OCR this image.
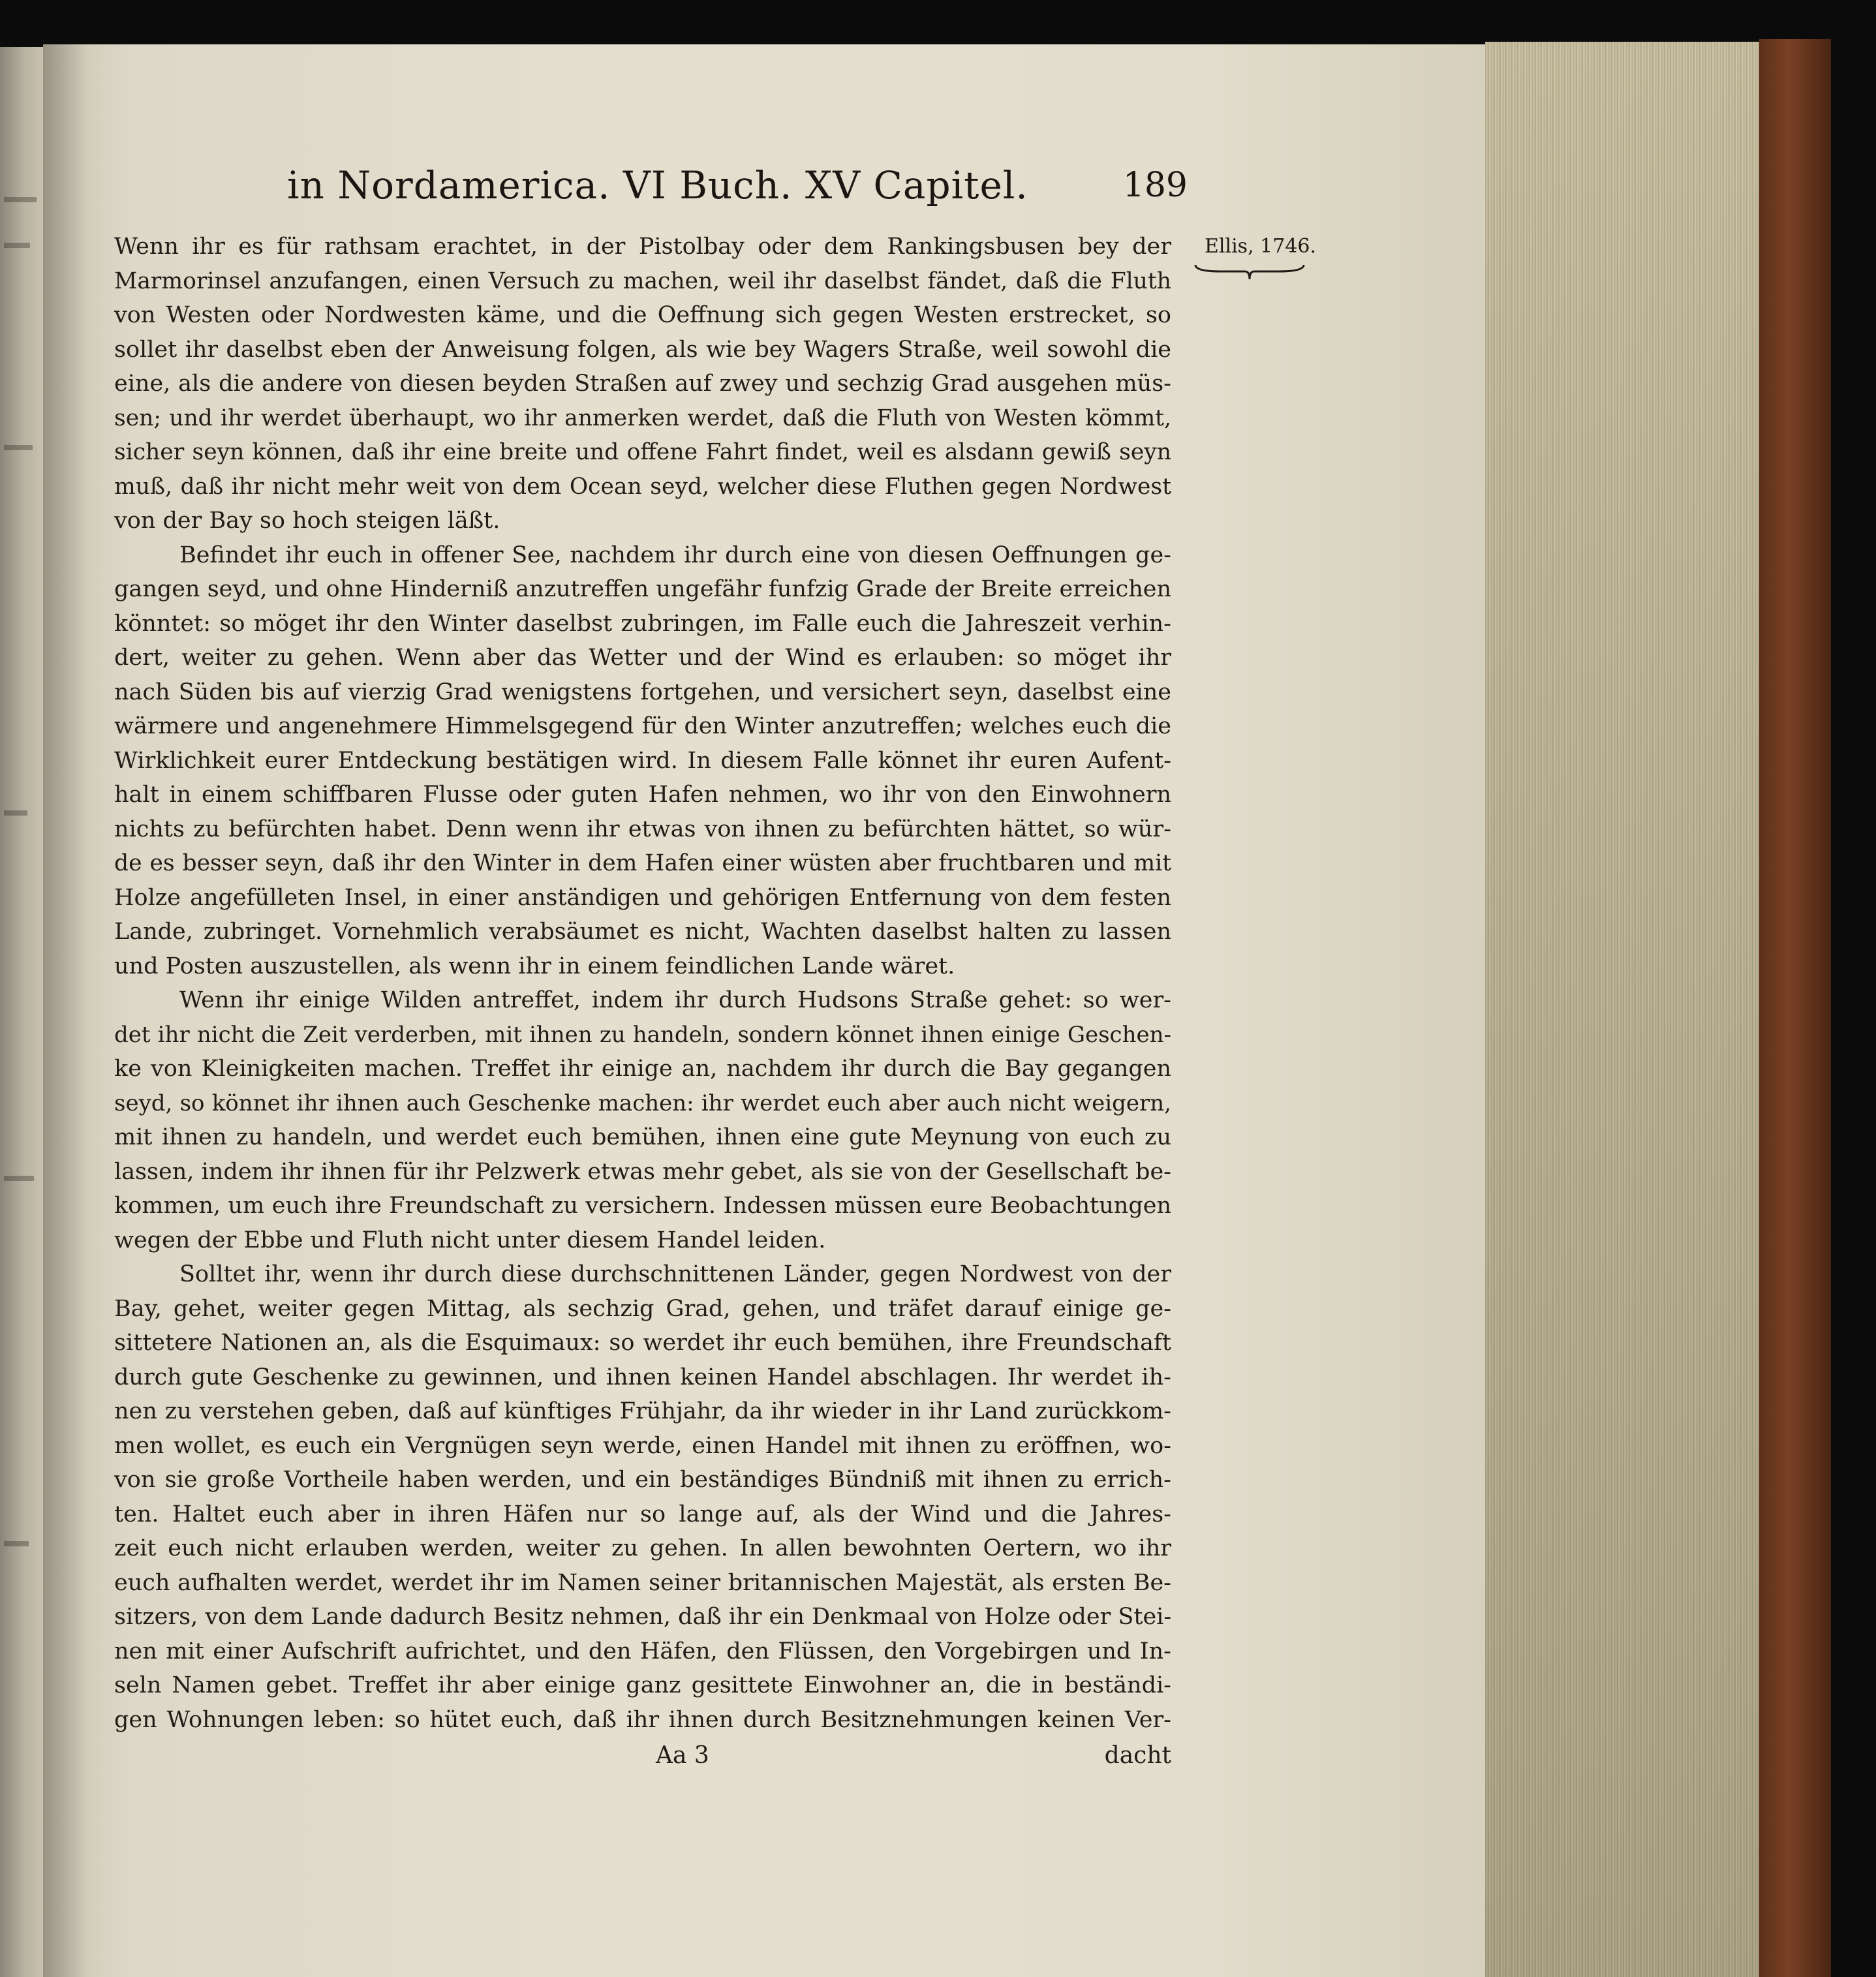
in Nordamerica. VI Buch. XV Capitel.	189
Ellis, 1746.
Wenn ihr es für rathsam erachtet, in der Pistolbay oder dem Rankingsbusen bey der
Marmorinsel anzufangen, einen Versuch zu machen, weil ihr daselbst fändet, daß die Fluth
von Westen oder Nordwesten käme, und die Oeffnung sich gegen Westen erstrecket, so
sollet ihr daselbst eben der Anweisung folgen, als wie bey Wagers Straße, weil sowohl die
eine, als die andere von diesen beyden Straßen auf zwey und sechzig Grad ausgehen müs-
sen; und ihr werdet überhaupt, wo ihr anmerken werdet, daß die Fluth von Westen kömmt,
sicher seyn können, daß ihr eine breite und offene Fahrt findet, weil es alsdann gewiß seyn
muß, daß ihr nicht mehr weit von dem Ocean seyd, welcher diese Fluthen gegen Nordwest
von der Bay so hoch steigen läßt.
Befindet ihr euch in offener See, nachdem ihr durch eine von diesen Oeffnungen ge-
gangen seyd, und ohne Hinderniß anzutreffen ungefähr funfzig Grade der Breite erreichen
könntet: so möget ihr den Winter daselbst zubringen, im Falle euch die Jahreszeit verhin-
dert, weiter zu gehen. Wenn aber das Wetter und der Wind es erlauben: so möget ihr
nach Süden bis auf vierzig Grad wenigstens fortgehen, und versichert seyn, daselbst eine
wärmere und angenehmere Himmelsgegend für den Winter anzutreffen; welches euch die
Wirklichkeit eurer Entdeckung bestätigen wird. In diesem Falle könnet ihr euren Aufent-
halt in einem schiffbaren Flusse oder guten Hafen nehmen, wo ihr von den Einwohnern
nichts zu befürchten habet. Denn wenn ihr etwas von ihnen zu befürchten hättet, so wür-
de es besser seyn, daß ihr den Winter in dem Hafen einer wüsten aber fruchtbaren und mit
Holze angefülleten Insel, in einer anständigen und gehörigen Entfernung von dem festen
Lande, zubringet. Vornehmlich verabsäumet es nicht, Wachten daselbst halten zu lassen
und Posten auszustellen, als wenn ihr in einem feindlichen Lande wäret.
Wenn ihr einige Wilden antreffet, indem ihr durch Hudsons Straße gehet: so wer-
det ihr nicht die Zeit verderben, mit ihnen zu handeln, sondern könnet ihnen einige Geschen-
ke von Kleinigkeiten machen. Treffet ihr einige an, nachdem ihr durch die Bay gegangen
seyd, so könnet ihr ihnen auch Geschenke machen: ihr werdet euch aber auch nicht weigern,
mit ihnen zu handeln, und werdet euch bemühen, ihnen eine gute Meynung von euch zu
lassen, indem ihr ihnen für ihr Pelzwerk etwas mehr gebet, als sie von der Gesellschaft be-
kommen, um euch ihre Freundschaft zu versichern. Indessen müssen eure Beobachtungen
wegen der Ebbe und Fluth nicht unter diesem Handel leiden.
Solltet ihr, wenn ihr durch diese durchschnittenen Länder, gegen Nordwest von der
Bay, gehet, weiter gegen Mittag, als sechzig Grad, gehen, und träfet darauf einige ge-
sittetere Nationen an, als die Esquimaux: so werdet ihr euch bemühen, ihre Freundschaft
durch gute Geschenke zu gewinnen, und ihnen keinen Handel abschlagen. Ihr werdet ih-
nen zu verstehen geben, daß auf künftiges Frühjahr, da ihr wieder in ihr Land zurückkom-
men wollet, es euch ein Vergnügen seyn werde, einen Handel mit ihnen zu eröffnen, wo-
von sie große Vortheile haben werden, und ein beständiges Bündniß mit ihnen zu errich-
ten. Haltet euch aber in ihren Häfen nur so lange auf, als der Wind und die Jahres-
zeit euch nicht erlauben werden, weiter zu gehen. In allen bewohnten Oertern, wo ihr
euch aufhalten werdet, werdet ihr im Namen seiner britannischen Majestät, als ersten Be-
sitzers, von dem Lande dadurch Besitz nehmen, daß ihr ein Denkmaal von Holze oder Stei-
nen mit einer Aufschrift aufrichtet, und den Häfen, den Flüssen, den Vorgebirgen und In-
seln Namen gebet. Treffet ihr aber einige ganz gesittete Einwohner an, die in beständi-
gen Wohnungen leben: so hütet euch, daß ihr ihnen durch Besitznehmungen keinen Ver-
Aa 3	dacht
